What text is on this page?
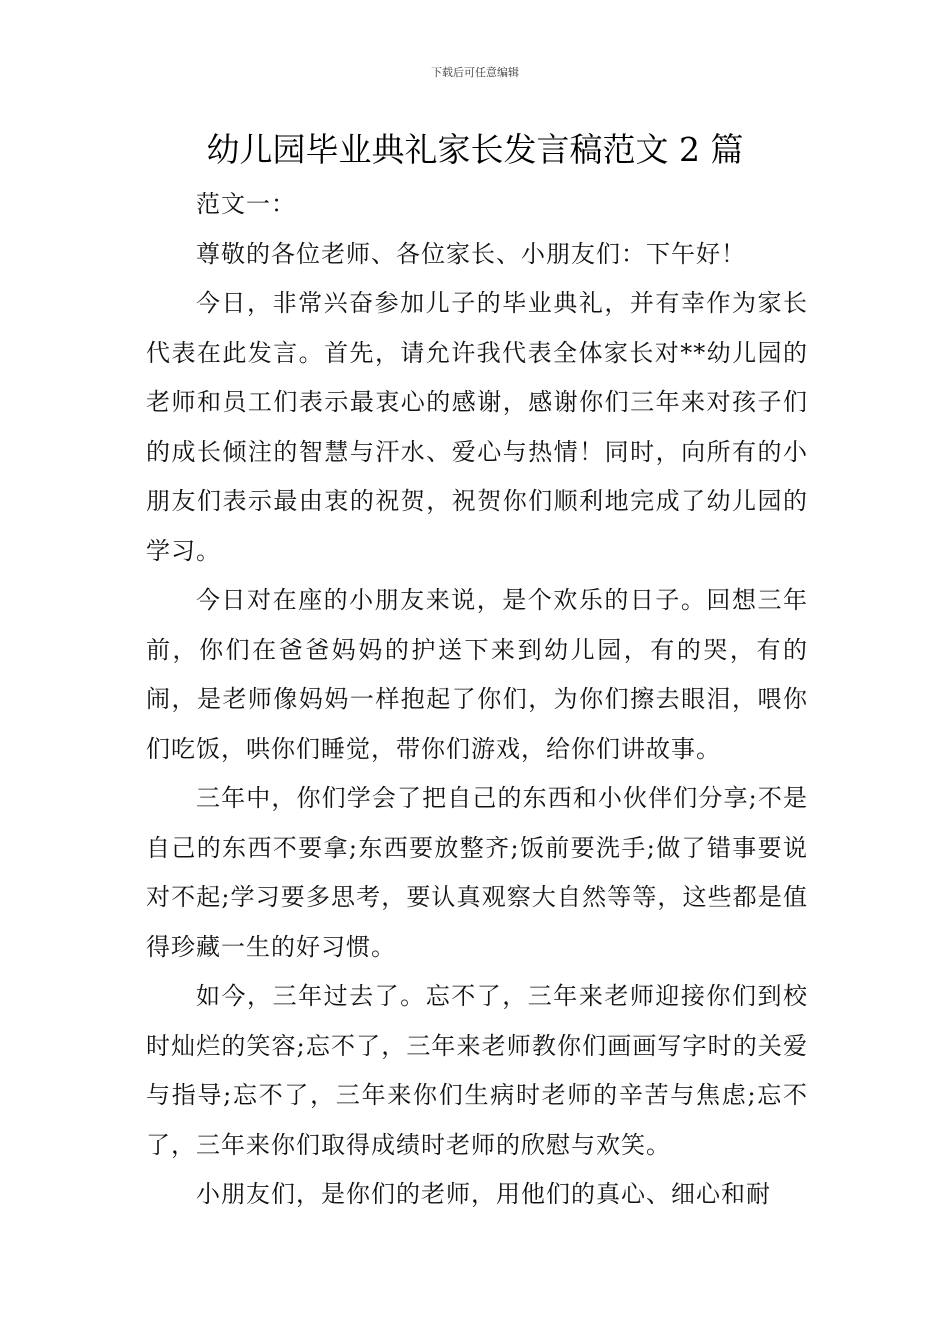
下载后可任意编辑
幼儿园毕业典礼家长发言稿范文 2 篇

范文一：

尊敬的各位老师、各位家长、小朋友们：下午好！

今日，非常兴奋参加儿子的毕业典礼，并有幸作为家长代表在此发言。首先，请允许我代表全体家长对**幼儿园的老师和员工们表示最衷心的感谢，感谢你们三年来对孩子们的成长倾注的智慧与汗水、爱心与热情！同时，向所有的小朋友们表示最由衷的祝贺，祝贺你们顺利地完成了幼儿园的学习。

今日对在座的小朋友来说，是个欢乐的日子。回想三年前，你们在爸爸妈妈的护送下来到幼儿园，有的哭，有的闹，是老师像妈妈一样抱起了你们，为你们擦去眼泪，喂你们吃饭，哄你们睡觉，带你们游戏，给你们讲故事。

三年中，你们学会了把自己的东西和小伙伴们分享;不是自己的东西不要拿;东西要放整齐;饭前要洗手;做了错事要说对不起;学习要多思考，要认真观察大自然等等，这些都是值得珍藏一生的好习惯。

如今，三年过去了。忘不了，三年来老师迎接你们到校时灿烂的笑容;忘不了，三年来老师教你们画画写字时的关爱与指导;忘不了，三年来你们生病时老师的辛苦与焦虑;忘不了，三年来你们取得成绩时老师的欣慰与欢笑。

小朋友们，是你们的老师，用他们的真心、细心和耐
